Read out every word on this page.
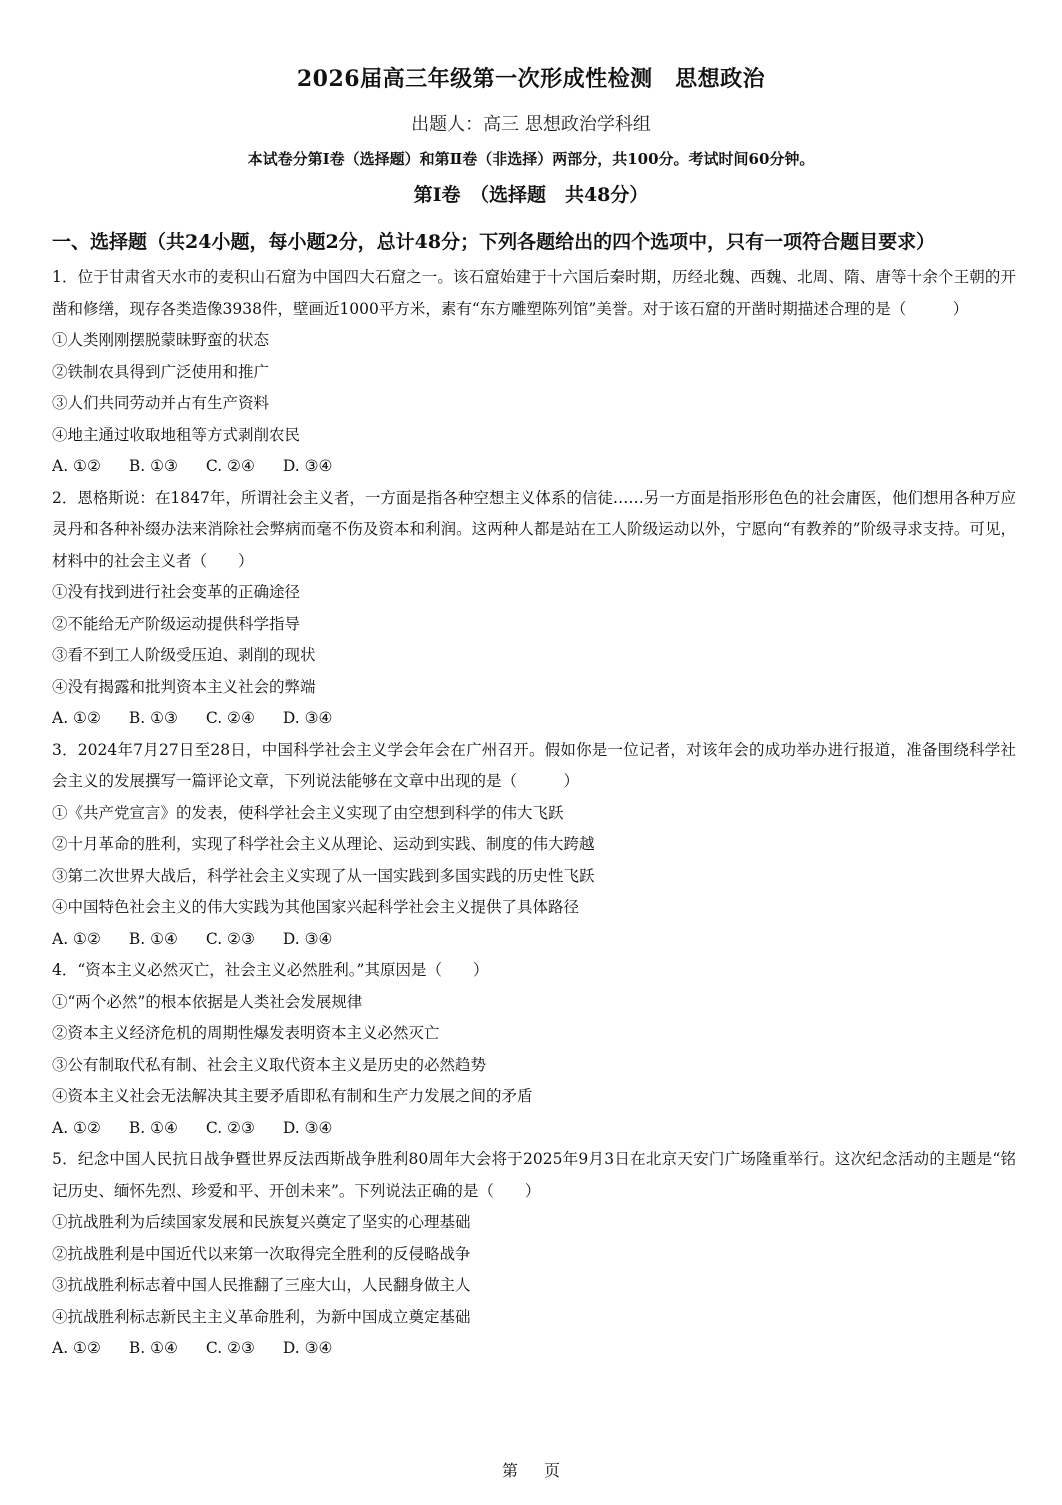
2026届高三年级第一次形成性检测　思想政治
出题人：高三 思想政治学科组
本试卷分第Ⅰ卷（选择题）和第Ⅱ卷（非选择）两部分，共100分。考试时间60分钟。
第Ⅰ卷　（选择题　共48分）
一、选择题（共24小题，每小题2分，总计48分；下列各题给出的四个选项中，只有一项符合题目要求）
1．位于甘肃省天水市的麦积山石窟为中国四大石窟之一。该石窟始建于十六国后秦时期，历经北魏、西魏、北周、隋、唐等十余个王朝的开凿和修缮，现存各类造像3938件，壁画近1000平方米，素有“东方雕塑陈列馆”美誉。对于该石窟的开凿时期描述合理的是（　　　）
①人类刚刚摆脱蒙昧野蛮的状态
②铁制农具得到广泛使用和推广
③人们共同劳动并占有生产资料
④地主通过收取地租等方式剥削农民
A. ①② B. ①③ C. ②④ D. ③④
2．恩格斯说：在1847年，所谓社会主义者，一方面是指各种空想主义体系的信徒……另一方面是指形形色色的社会庸医，他们想用各种万应灵丹和各种补缀办法来消除社会弊病而毫不伤及资本和利润。这两种人都是站在工人阶级运动以外，宁愿向“有教养的”阶级寻求支持。可见，材料中的社会主义者（　　）
①没有找到进行社会变革的正确途径
②不能给无产阶级运动提供科学指导
③看不到工人阶级受压迫、剥削的现状
④没有揭露和批判资本主义社会的弊端
A. ①② B. ①③ C. ②④ D. ③④
3．2024年7月27日至28日，中国科学社会主义学会年会在广州召开。假如你是一位记者，对该年会的成功举办进行报道，准备围绕科学社会主义的发展撰写一篇评论文章，下列说法能够在文章中出现的是（　　　）
①《共产党宣言》的发表，使科学社会主义实现了由空想到科学的伟大飞跃
②十月革命的胜利，实现了科学社会主义从理论、运动到实践、制度的伟大跨越
③第二次世界大战后，科学社会主义实现了从一国实践到多国实践的历史性飞跃
④中国特色社会主义的伟大实践为其他国家兴起科学社会主义提供了具体路径
A. ①② B. ①④ C. ②③ D. ③④
4．“资本主义必然灭亡，社会主义必然胜利。”其原因是（　　）
①“两个必然”的根本依据是人类社会发展规律
②资本主义经济危机的周期性爆发表明资本主义必然灭亡
③公有制取代私有制、社会主义取代资本主义是历史的必然趋势
④资本主义社会无法解决其主要矛盾即私有制和生产力发展之间的矛盾
A. ①② B. ①④ C. ②③ D. ③④
5．纪念中国人民抗日战争暨世界反法西斯战争胜利80周年大会将于2025年9月3日在北京天安门广场隆重举行。这次纪念活动的主题是“铭记历史、缅怀先烈、珍爱和平、开创未来”。下列说法正确的是（　　）
①抗战胜利为后续国家发展和民族复兴奠定了坚实的心理基础
②抗战胜利是中国近代以来第一次取得完全胜利的反侵略战争
③抗战胜利标志着中国人民推翻了三座大山，人民翻身做主人
④抗战胜利标志新民主主义革命胜利，为新中国成立奠定基础
A. ①② B. ①④ C. ②③ D. ③④
第 页
